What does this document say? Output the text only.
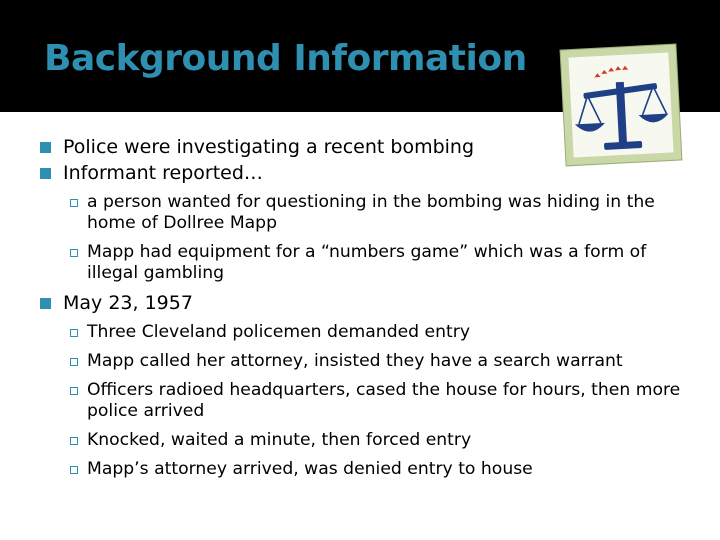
Background Information
Police were investigating a recent bombing
Informant reported…
a person wanted for questioning in the bombing was hiding in the home of Dollree Mapp
Mapp had equipment for a “numbers game” which was a form of illegal gambling
May 23, 1957
Three Cleveland policemen demanded entry
Mapp called her attorney, insisted they have a search warrant
Officers radioed headquarters, cased the house for hours, then more police arrived
Knocked, waited a minute, then forced entry
Mapp’s attorney arrived, was denied entry to house
